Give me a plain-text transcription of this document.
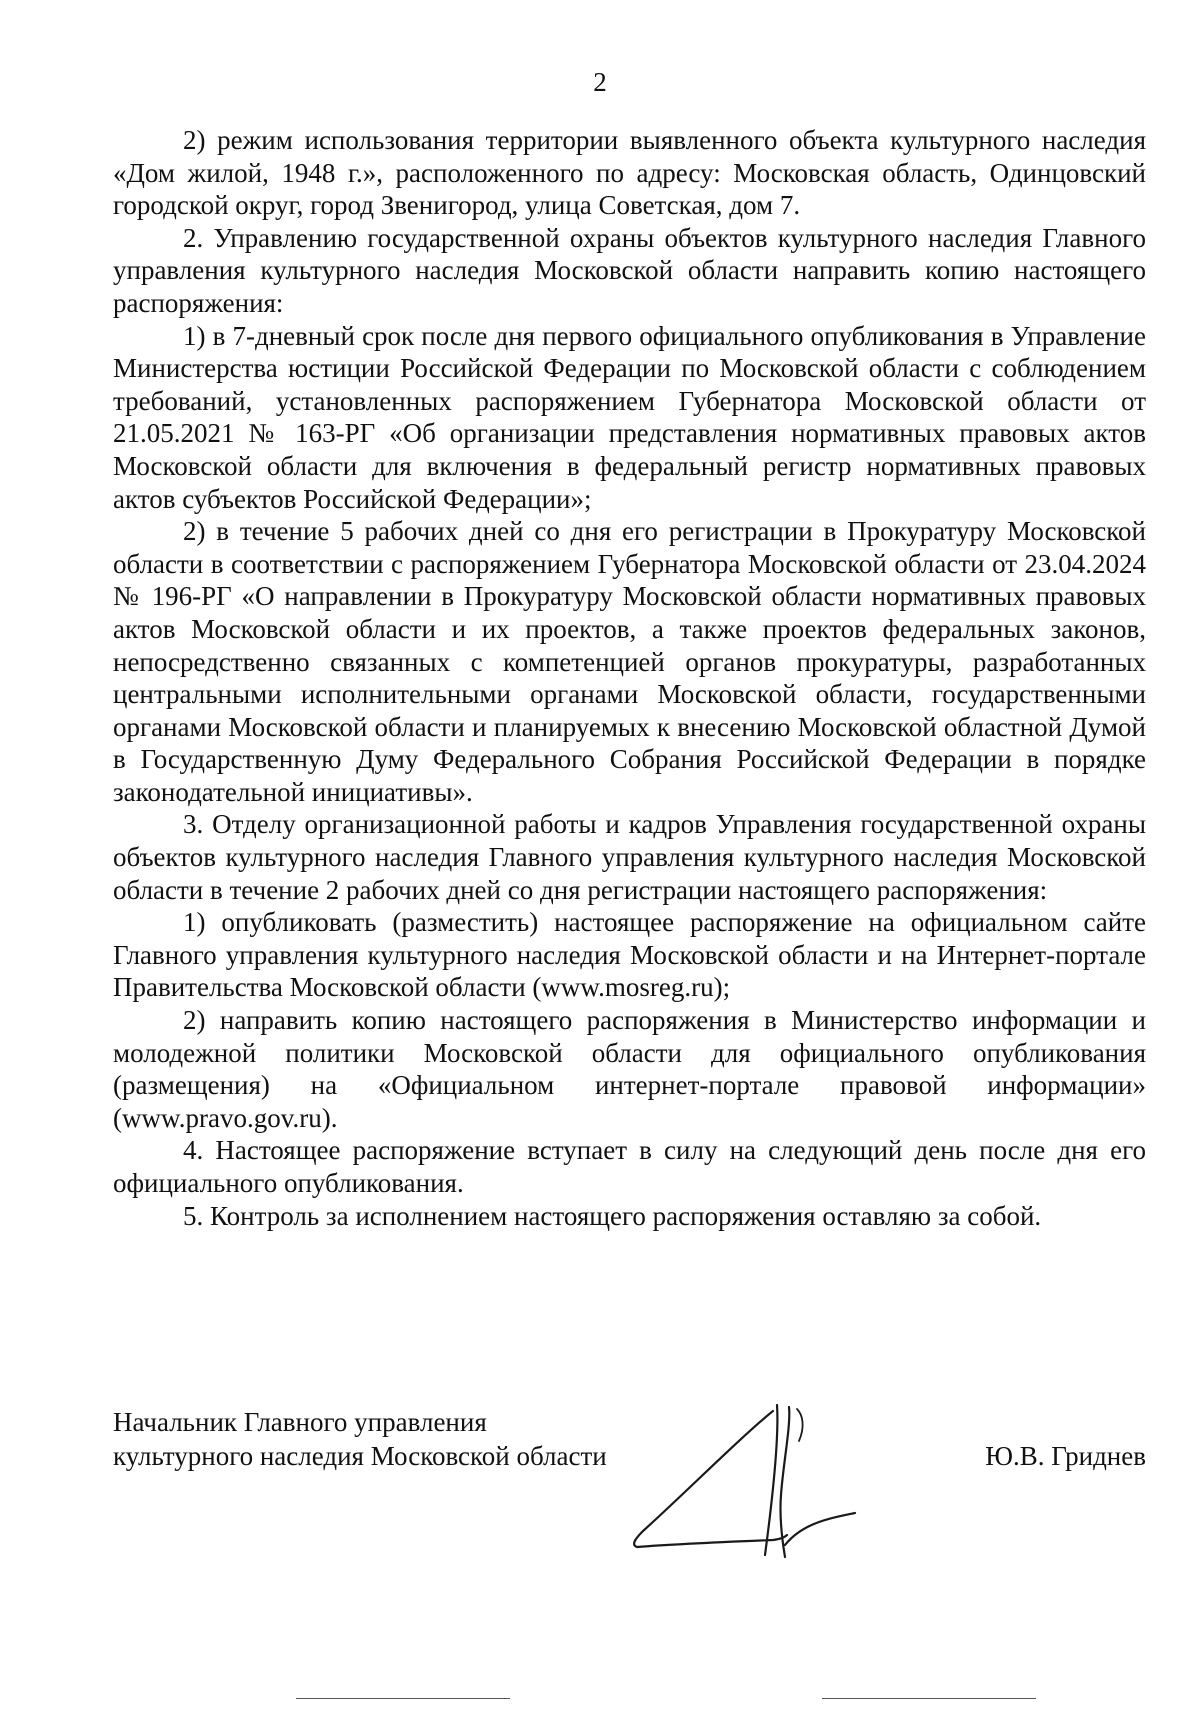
2

2) режим использования территории выявленного объекта культурного наследия «Дом жилой, 1948 г.», расположенного по адресу: Московская область, Одинцовский городской округ, город Звенигород, улица Советская, дом 7.

2. Управлению государственной охраны объектов культурного наследия Главного управления культурного наследия Московской области направить копию настоящего распоряжения:

1) в 7-дневный срок после дня первого официального опубликования в Управление Министерства юстиции Российской Федерации по Московской области с соблюдением требований, установленных распоряжением Губернатора Московской области от 21.05.2021 № 163-РГ «Об организации представления нормативных правовых актов Московской области для включения в федеральный регистр нормативных правовых актов субъектов Российской Федерации»;

2) в течение 5 рабочих дней со дня его регистрации в Прокуратуру Московской области в соответствии с распоряжением Губернатора Московской области от 23.04.2024 № 196-РГ «О направлении в Прокуратуру Московской области нормативных правовых актов Московской области и их проектов, а также проектов федеральных законов, непосредственно связанных с компетенцией органов прокуратуры, разработанных центральными исполнительными органами Московской области, государственными органами Московской области и планируемых к внесению Московской областной Думой в Государственную Думу Федерального Собрания Российской Федерации в порядке законодательной инициативы».

3. Отделу организационной работы и кадров Управления государственной охраны объектов культурного наследия Главного управления культурного наследия Московской области в течение 2 рабочих дней со дня регистрации настоящего распоряжения:

1) опубликовать (разместить) настоящее распоряжение на официальном сайте Главного управления культурного наследия Московской области и на Интернет-портале Правительства Московской области (www.mosreg.ru);

2) направить копию настоящего распоряжения в Министерство информации и молодежной политики Московской области для официального опубликования (размещения) на «Официальном интернет-портале правовой информации» (www.pravo.gov.ru).

4. Настоящее распоряжение вступает в силу на следующий день после дня его официального опубликования.

5. Контроль за исполнением настоящего распоряжения оставляю за собой.

Начальник Главного управления
культурного наследия Московской области	Ю.В. Гриднев
